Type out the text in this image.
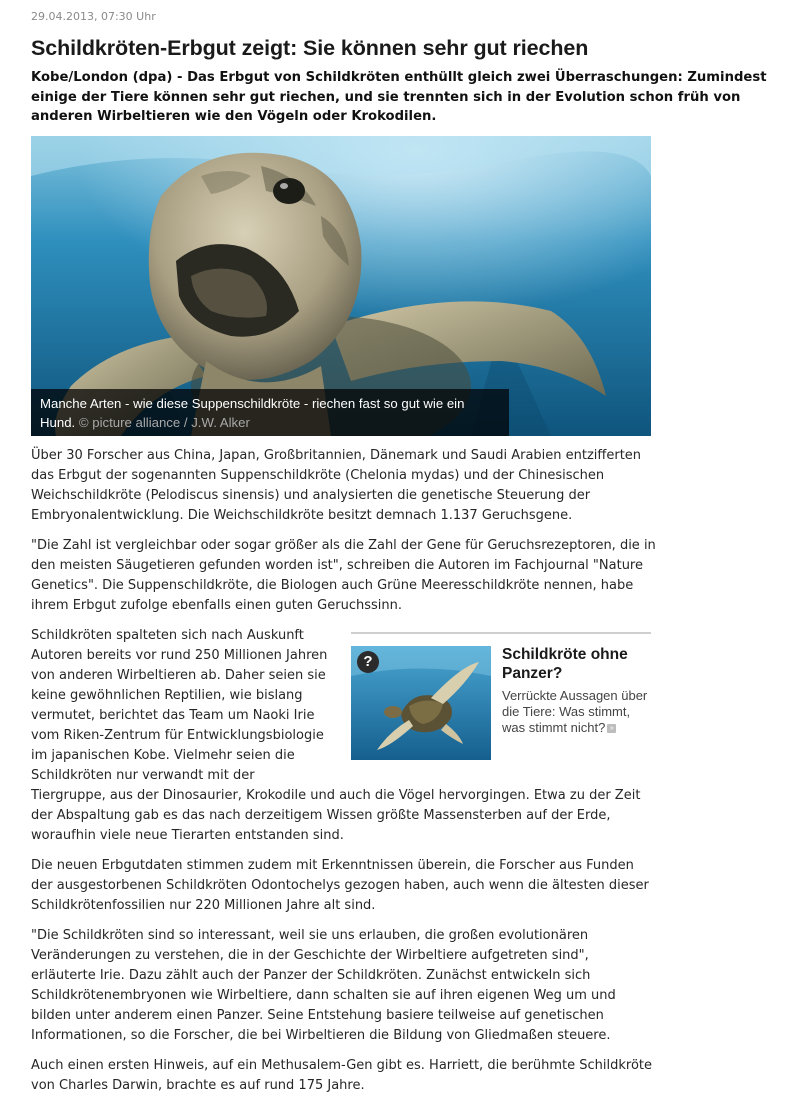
29.04.2013, 07:30 Uhr
Schildkröten-Erbgut zeigt: Sie können sehr gut riechen

Kobe/London (dpa) - Das Erbgut von Schildkröten enthüllt gleich zwei Überraschungen: Zumindest einige der Tiere können sehr gut riechen, und sie trennten sich in der Evolution schon früh von anderen Wirbeltieren wie den Vögeln oder Krokodilen.

Manche Arten - wie diese Suppenschildkröte - riechen fast so gut wie ein Hund. © picture alliance / J.W. Alker

Über 30 Forscher aus China, Japan, Großbritannien, Dänemark und Saudi Arabien entzifferten das Erbgut der sogenannten Suppenschildkröte (Chelonia mydas) und der Chinesischen Weichschildkröte (Pelodiscus sinensis) und analysierten die genetische Steuerung der Embryonalentwicklung. Die Weichschildkröte besitzt demnach 1.137 Geruchsgene.

"Die Zahl ist vergleichbar oder sogar größer als die Zahl der Gene für Geruchsrezeptoren, die in den meisten Säugetieren gefunden worden ist", schreiben die Autoren im Fachjournal "Nature Genetics". Die Suppenschildkröte, die Biologen auch Grüne Meeresschildkröte nennen, habe ihrem Erbgut zufolge ebenfalls einen guten Geruchssinn.

Schildkröten spalteten sich nach Auskunft Autoren bereits vor rund 250 Millionen Jahren von anderen Wirbeltieren ab. Daher seien sie keine gewöhnlichen Reptilien, wie bislang vermutet, berichtet das Team um Naoki Irie vom Riken-Zentrum für Entwicklungsbiologie im japanischen Kobe. Vielmehr seien die Schildkröten nur verwandt mit der

?	Schildkröte ohne Panzer?
Verrückte Aussagen über die Tiere: Was stimmt, was stimmt nicht? »

Tiergruppe, aus der Dinosaurier, Krokodile und auch die Vögel hervorgingen. Etwa zu der Zeit der Abspaltung gab es das nach derzeitigem Wissen größte Massensterben auf der Erde, woraufhin viele neue Tierarten entstanden sind.

Die neuen Erbgutdaten stimmen zudem mit Erkenntnissen überein, die Forscher aus Funden der ausgestorbenen Schildkröten Odontochelys gezogen haben, auch wenn die ältesten dieser Schildkrötenfossilien nur 220 Millionen Jahre alt sind.

"Die Schildkröten sind so interessant, weil sie uns erlauben, die großen evolutionären Veränderungen zu verstehen, die in der Geschichte der Wirbeltiere aufgetreten sind", erläuterte Irie. Dazu zählt auch der Panzer der Schildkröten. Zunächst entwickeln sich Schildkrötenembryonen wie Wirbeltiere, dann schalten sie auf ihren eigenen Weg um und bilden unter anderem einen Panzer. Seine Entstehung basiere teilweise auf genetischen Informationen, so die Forscher, die bei Wirbeltieren die Bildung von Gliedmaßen steuere.

Auch einen ersten Hinweis, auf ein Methusalem-Gen gibt es. Harriett, die berühmte Schildkröte von Charles Darwin, brachte es auf rund 175 Jahre.
